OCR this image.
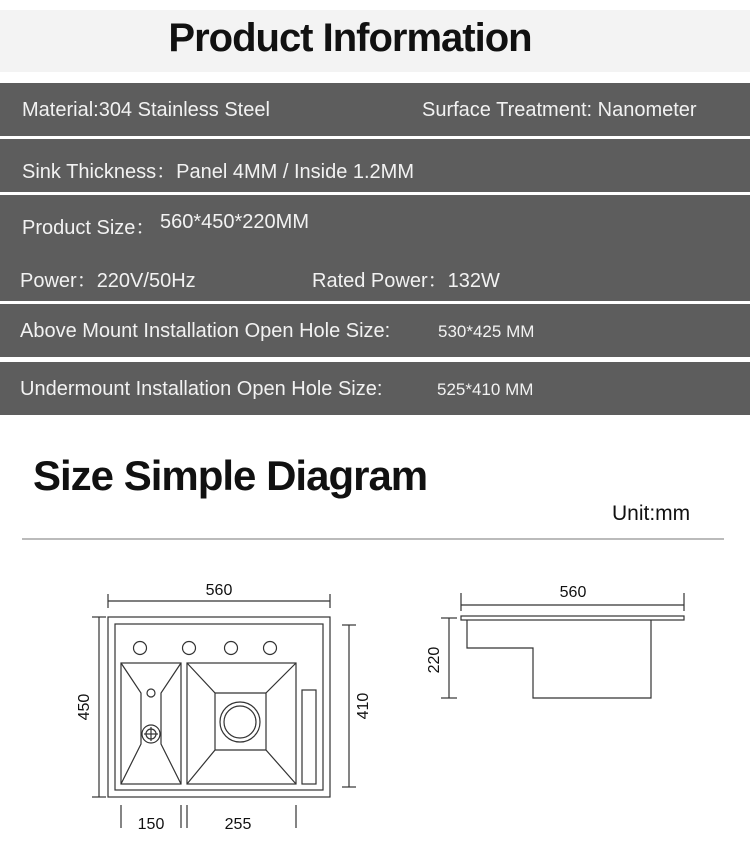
Product Information
Material:304 Stainless Steel	Surface Treatment: Nanometer
Sink Thickness：Panel 4MM / Inside 1.2MM
Product Size： 560*450*220MM
Power：220V/50Hz	Rated Power：132W
Above Mount Installation Open Hole Size:	530*425 MM
Undermount Installation Open Hole Size:	525*410 MM
Size Simple Diagram
Unit:mm
560
450	410
150	255
560
220
